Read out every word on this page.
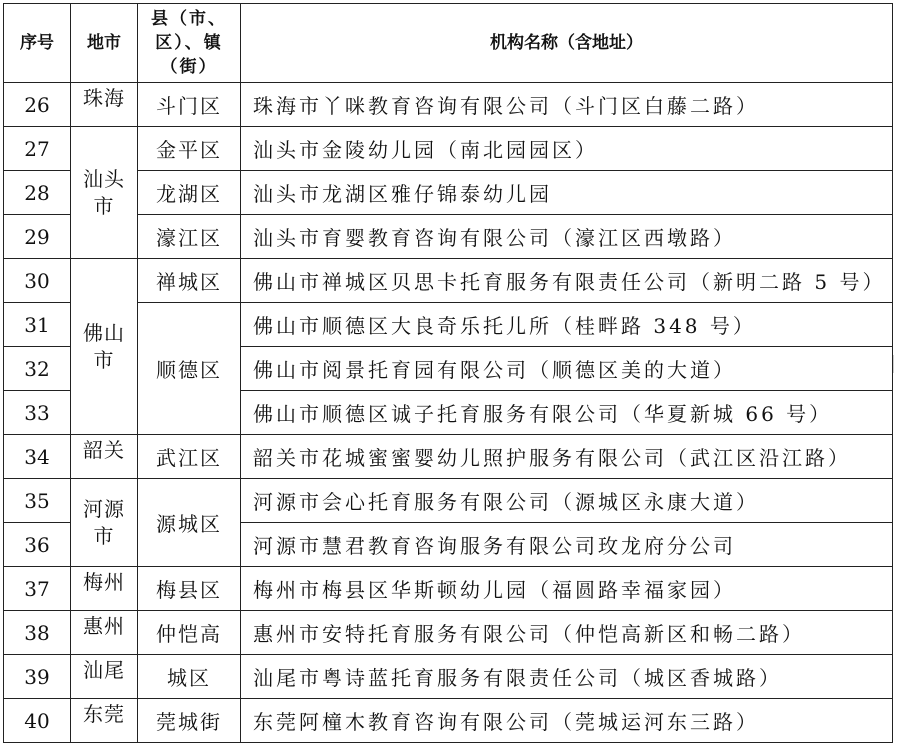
序号	地市	县（市、区）、镇（街）	机构名称（含地址）
26	珠海	斗门区	珠海市丫咪教育咨询有限公司（斗门区白藤二路）
27	汕头市	金平区	汕头市金陵幼儿园（南北园园区）
28		龙湖区	汕头市龙湖区雅仔锦泰幼儿园
29		濠江区	汕头市育婴教育咨询有限公司（濠江区西墩路）
30	佛山市	禅城区	佛山市禅城区贝思卡托育服务有限责任公司（新明二路 5 号）
31		顺德区	佛山市顺德区大良奇乐托儿所（桂畔路 348 号）
32			佛山市阅景托育园有限公司（顺德区美的大道）
33			佛山市顺德区诚子托育服务有限公司（华夏新城 66 号）
34	韶关	武江区	韶关市花城蜜蜜婴幼儿照护服务有限公司（武江区沿江路）
35	河源市	源城区	河源市会心托育服务有限公司（源城区永康大道）
36			河源市慧君教育咨询服务有限公司玫龙府分公司
37	梅州	梅县区	梅州市梅县区华斯顿幼儿园（福圆路幸福家园）
38	惠州	仲恺高	惠州市安特托育服务有限公司（仲恺高新区和畅二路）
39	汕尾	城区	汕尾市粤诗蓝托育服务有限责任公司（城区香城路）
40	东莞	莞城街	东莞阿橦木教育咨询有限公司（莞城运河东三路）
